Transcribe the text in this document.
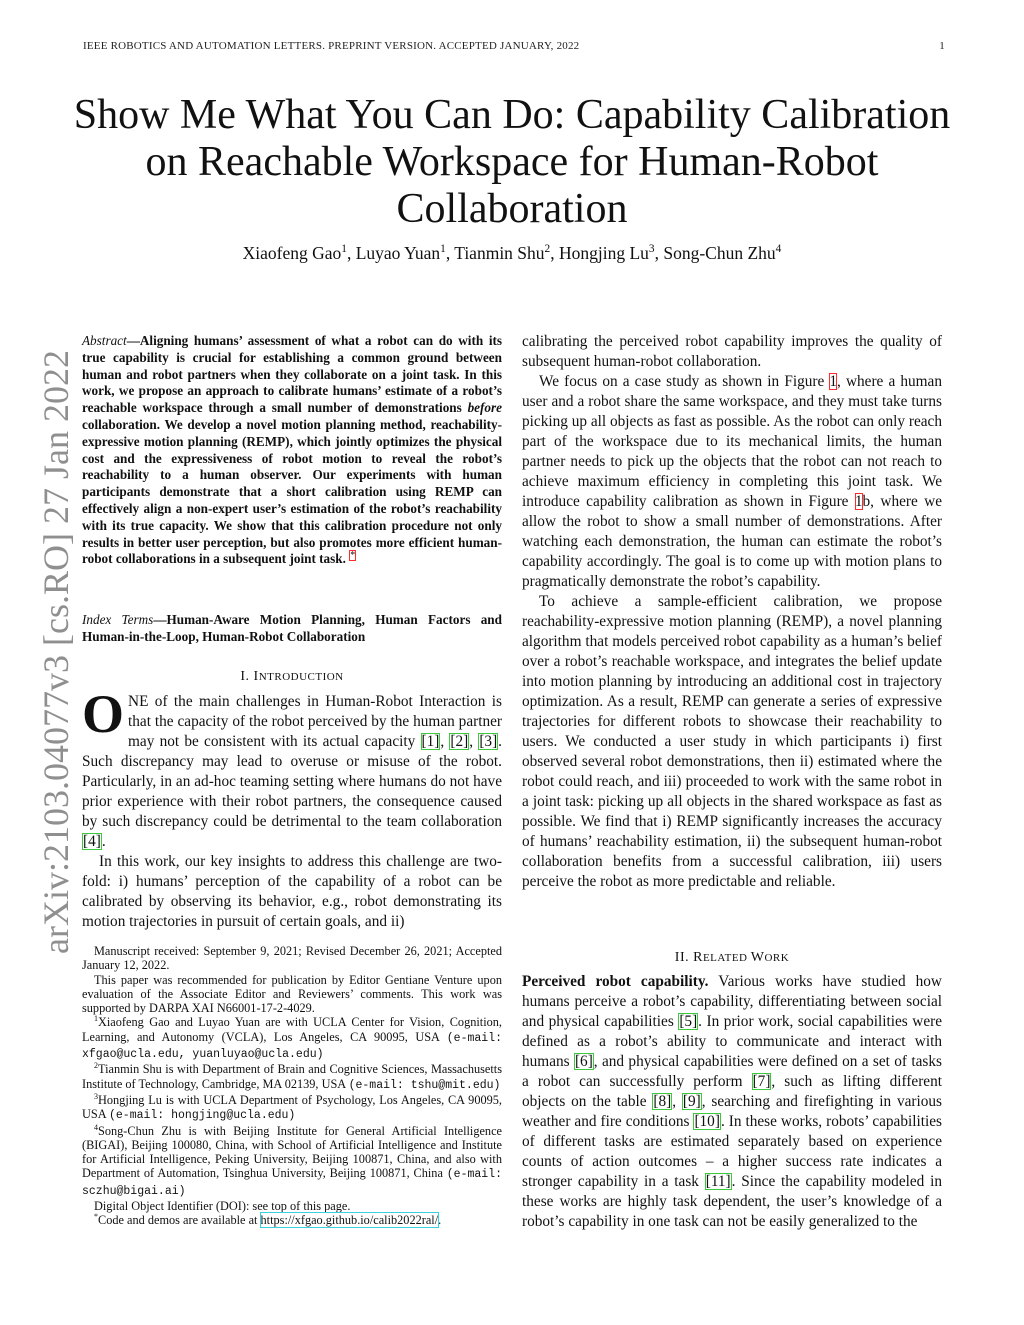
IEEE ROBOTICS AND AUTOMATION LETTERS. PREPRINT VERSION. ACCEPTED JANUARY, 2022	1
arXiv:2103.04077v3 [cs.RO] 27 Jan 2022
Show Me What You Can Do: Capability Calibration
on Reachable Workspace for Human-Robot
Collaboration
Xiaofeng Gao$^1$, Luyao Yuan$^1$, Tianmin Shu$^2$, Hongjing Lu$^3$, Song-Chun Zhu$^4$
Abstract—Aligning humans’ assessment of what a robot can do with its true capability is crucial for establishing a common ground between human and robot partners when they collaborate on a joint task. In this work, we propose an approach to calibrate humans’ estimate of a robot’s reachable workspace through a small number of demonstrations before collaboration. We develop a novel motion planning method, reachability-expressive motion planning (REMP), which jointly optimizes the physical cost and the expressiveness of robot motion to reveal the robot’s reachability to a human observer. Our experiments with human participants demonstrate that a short calibration using REMP can effectively align a non-expert user’s estimation of the robot’s reachability with its true capacity. We show that this calibration procedure not only results in better user perception, but also promotes more efficient human-robot collaborations in a subsequent joint task. *
Index Terms—Human-Aware Motion Planning, Human Factors and Human-in-the-Loop, Human-Robot Collaboration
I. INTRODUCTION

ONE of the main challenges in Human-Robot Interaction is that the capacity of the robot perceived by the human partner may not be consistent with its actual capacity [1], [2], [3]. Such discrepancy may lead to overuse or misuse of the robot. Particularly, in an ad-hoc teaming setting where humans do not have prior experience with their robot partners, the consequence caused by such discrepancy could be detrimental to the team collaboration [4].

In this work, our key insights to address this challenge are two-fold: i) humans’ perception of the capability of a robot can be calibrated by observing its behavior, e.g., robot demonstrating its motion trajectories in pursuit of certain goals, and ii)

Manuscript received: September 9, 2021; Revised December 26, 2021; Accepted January 12, 2022.

This paper was recommended for publication by Editor Gentiane Venture upon evaluation of the Associate Editor and Reviewers’ comments. This work was supported by DARPA XAI N66001-17-2-4029.

$^1$Xiaofeng Gao and Luyao Yuan are with UCLA Center for Vision, Cognition, Learning, and Autonomy (VCLA), Los Angeles, CA 90095, USA (e-mail: xfgao@ucla.edu, yuanluyao@ucla.edu)

$^2$Tianmin Shu is with Department of Brain and Cognitive Sciences, Massachusetts Institute of Technology, Cambridge, MA 02139, USA (e-mail: tshu@mit.edu)

$^3$Hongjing Lu is with UCLA Department of Psychology, Los Angeles, CA 90095, USA (e-mail: hongjing@ucla.edu)

$^4$Song-Chun Zhu is with Beijing Institute for General Artificial Intelligence (BIGAI), Beijing 100080, China, with School of Artificial Intelligence and Institute for Artificial Intelligence, Peking University, Beijing 100871, China, and also with Department of Automation, Tsinghua University, Beijing 100871, China (e-mail: sczhu@bigai.ai)

Digital Object Identifier (DOI): see top of this page.

*Code and demos are available at https://xfgao.github.io/calib2022ral/.

calibrating the perceived robot capability improves the quality of subsequent human-robot collaboration.

We focus on a case study as shown in Figure 1, where a human user and a robot share the same workspace, and they must take turns picking up all objects as fast as possible. As the robot can only reach part of the workspace due to its mechanical limits, the human partner needs to pick up the objects that the robot can not reach to achieve maximum efficiency in completing this joint task. We introduce capability calibration as shown in Figure 1b, where we allow the robot to show a small number of demonstrations. After watching each demonstration, the human can estimate the robot’s capability accordingly. The goal is to come up with motion plans to pragmatically demonstrate the robot’s capability.

To achieve a sample-efficient calibration, we propose reachability-expressive motion planning (REMP), a novel planning algorithm that models perceived robot capability as a human’s belief over a robot’s reachable workspace, and integrates the belief update into motion planning by introducing an additional cost in trajectory optimization. As a result, REMP can generate a series of expressive trajectories for different robots to showcase their reachability to users. We conducted a user study in which participants i) first observed several robot demonstrations, then ii) estimated where the robot could reach, and iii) proceeded to work with the same robot in a joint task: picking up all objects in the shared workspace as fast as possible. We find that i) REMP significantly increases the accuracy of humans’ reachability estimation, ii) the subsequent human-robot collaboration benefits from a successful calibration, iii) users perceive the robot as more predictable and reliable.

II. RELATED WORK

Perceived robot capability. Various works have studied how humans perceive a robot’s capability, differentiating between social and physical capabilities [5]. In prior work, social capabilities were defined as a robot’s ability to communicate and interact with humans [6], and physical capabilities were defined on a set of tasks a robot can successfully perform [7], such as lifting different objects on the table [8], [9], searching and firefighting in various weather and fire conditions [10]. In these works, robots’ capabilities of different tasks are estimated separately based on experience counts of action outcomes – a higher success rate indicates a stronger capability in a task [11]. Since the capability modeled in these works are highly task dependent, the user’s knowledge of a robot’s capability in one task can not be easily generalized to the
